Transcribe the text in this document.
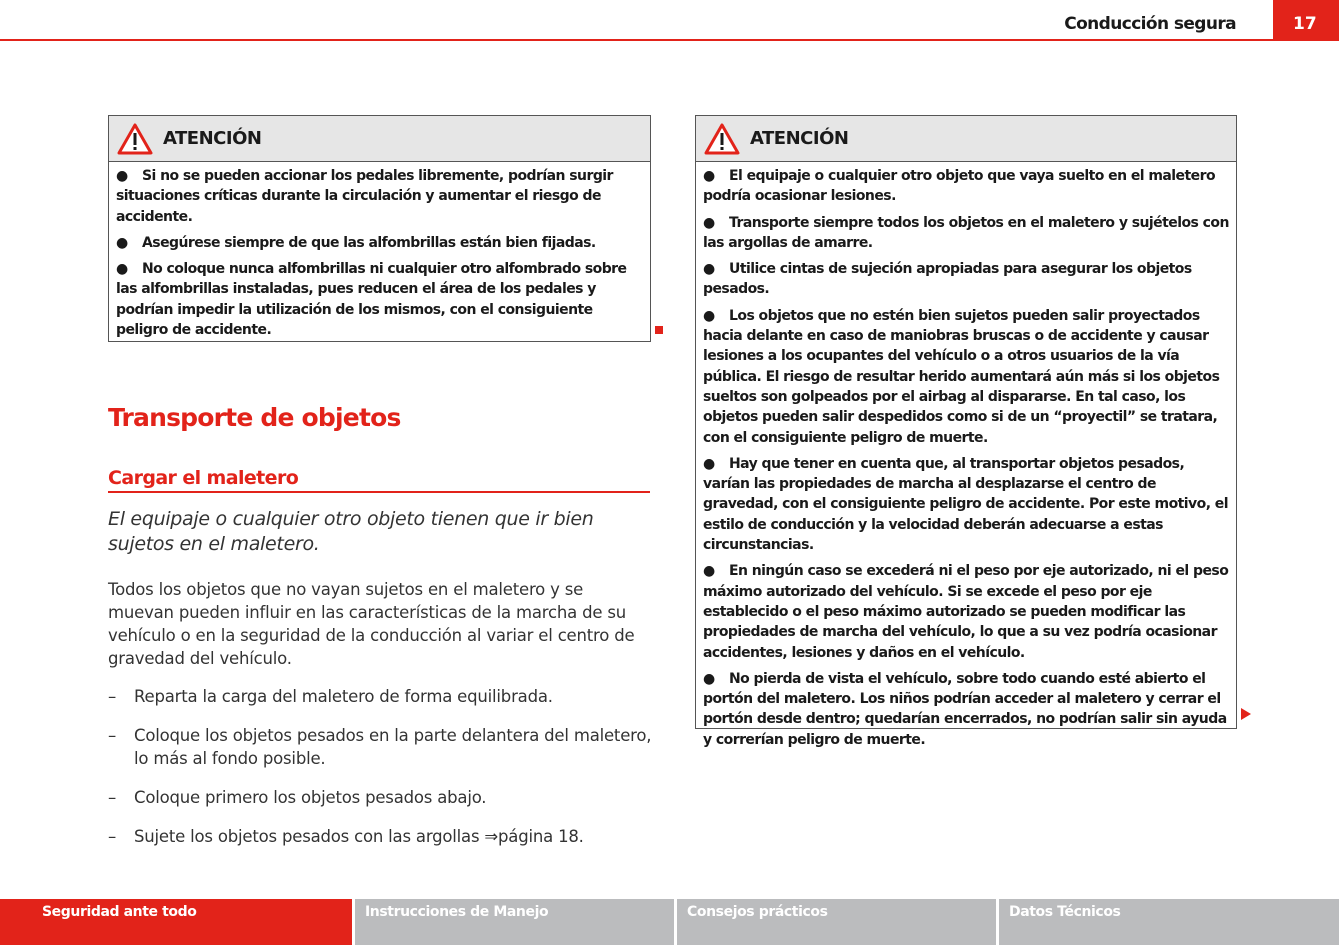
Conducción segura	17
ATENCIÓN

● Si no se pueden accionar los pedales libremente, podrían surgir situaciones críticas durante la circulación y aumentar el riesgo de accidente.

● Asegúrese siempre de que las alfombrillas están bien fijadas.

● No coloque nunca alfombrillas ni cualquier otro alfombrado sobre las alfombrillas instaladas, pues reducen el área de los pedales y podrían impedir la utilización de los mismos, con el consiguiente peligro de accidente.

ATENCIÓN

● El equipaje o cualquier otro objeto que vaya suelto en el maletero podría ocasionar lesiones.

● Transporte siempre todos los objetos en el maletero y sujételos con las argollas de amarre.

● Utilice cintas de sujeción apropiadas para asegurar los objetos pesados.

● Los objetos que no estén bien sujetos pueden salir proyectados hacia delante en caso de maniobras bruscas o de accidente y causar lesiones a los ocupantes del vehículo o a otros usuarios de la vía pública. El riesgo de resultar herido aumentará aún más si los objetos sueltos son golpeados por el airbag al dispararse. En tal caso, los objetos pueden salir despedidos como si de un “proyectil” se tratara, con el consiguiente peligro de muerte.

● Hay que tener en cuenta que, al transportar objetos pesados, varían las propiedades de marcha al desplazarse el centro de gravedad, con el consiguiente peligro de accidente. Por este motivo, el estilo de conducción y la velocidad deberán adecuarse a estas circunstancias.

● En ningún caso se excederá ni el peso por eje autorizado, ni el peso máximo autorizado del vehículo. Si se excede el peso por eje establecido o el peso máximo autorizado se pueden modificar las propiedades de marcha del vehículo, lo que a su vez podría ocasionar accidentes, lesiones y daños en el vehículo.

● No pierda de vista el vehículo, sobre todo cuando esté abierto el portón del maletero. Los niños podrían acceder al maletero y cerrar el portón desde dentro; quedarían encerrados, no podrían salir sin ayuda y correrían peligro de muerte.

Transporte de objetos
Cargar el maletero
El equipaje o cualquier otro objeto tienen que ir bien sujetos en el maletero.
Todos los objetos que no vayan sujetos en el maletero y se muevan pueden influir en las características de la marcha de su vehículo o en la seguridad de la conducción al variar el centro de gravedad del vehículo.
–	Reparta la carga del maletero de forma equilibrada.
–	Coloque los objetos pesados en la parte delantera del maletero, lo más al fondo posible.
–	Coloque primero los objetos pesados abajo.
–	Sujete los objetos pesados con las argollas ⇒página 18.
Seguridad ante todo	Instrucciones de Manejo	Consejos prácticos	Datos Técnicos
